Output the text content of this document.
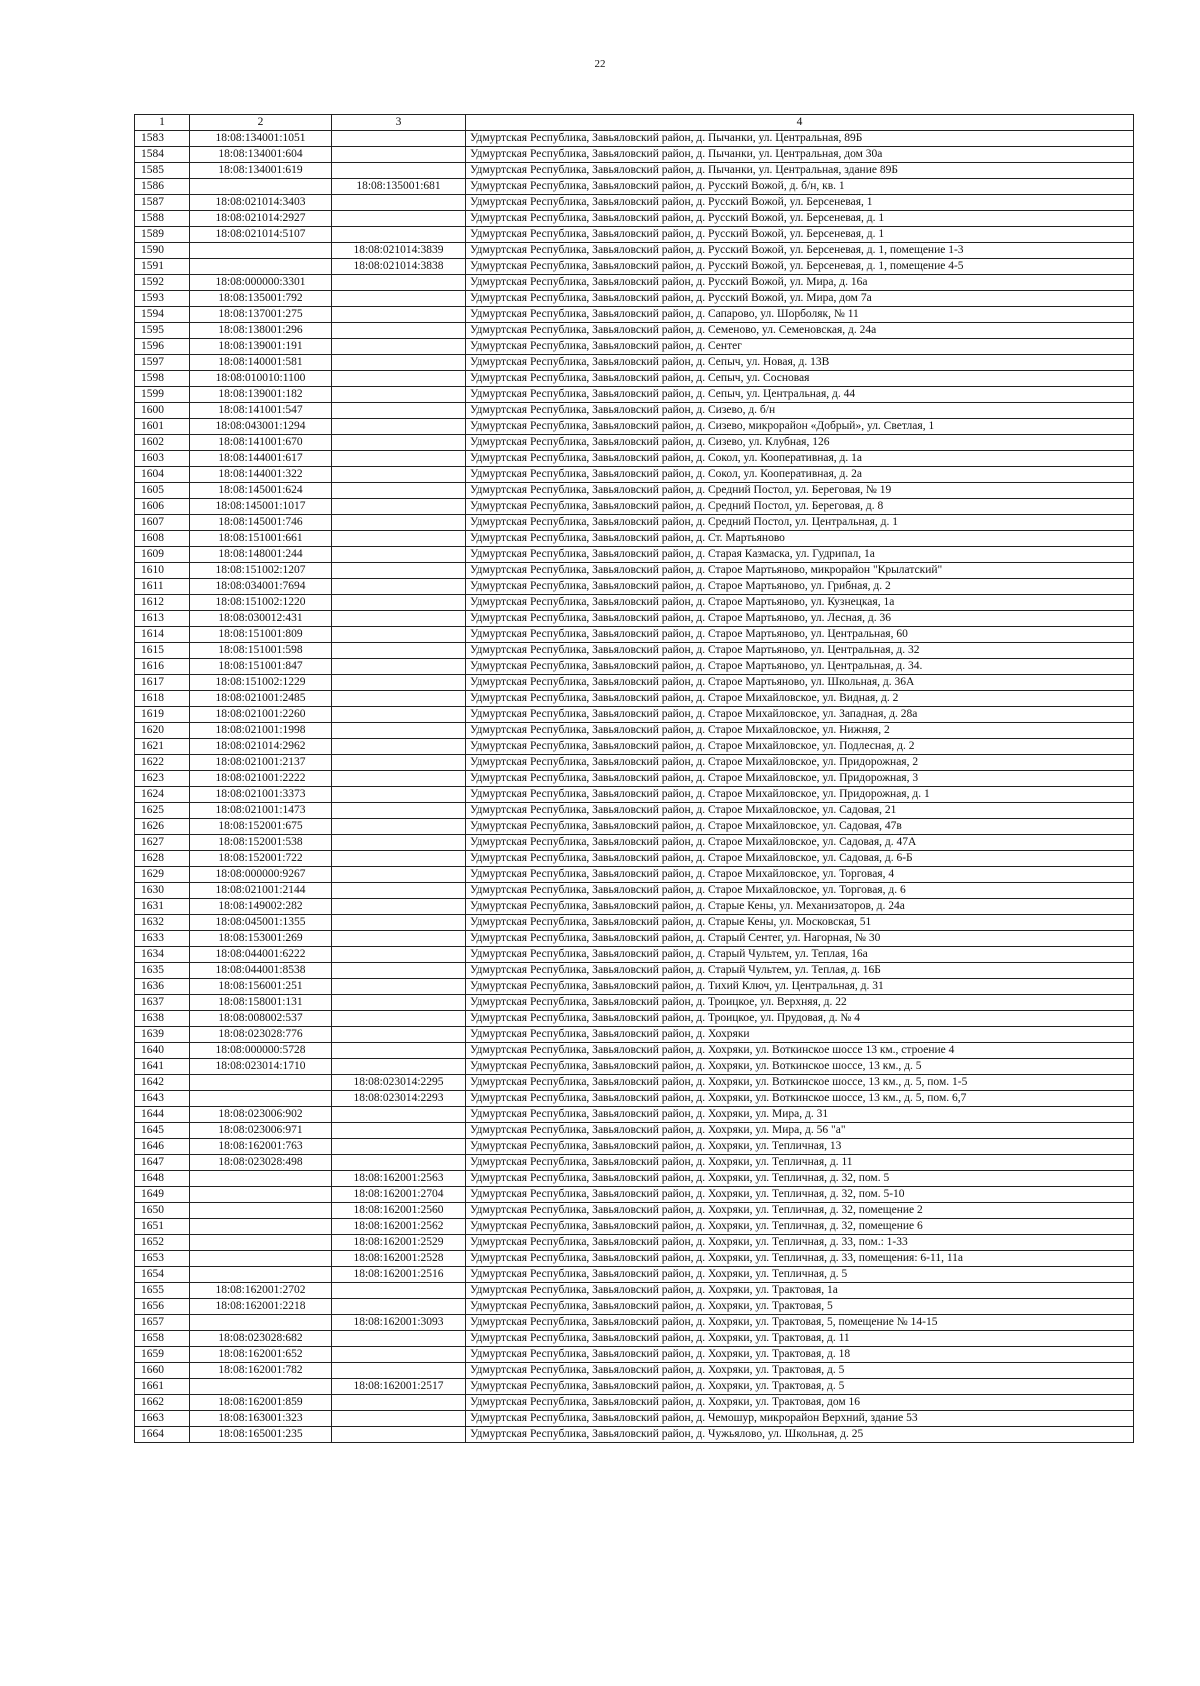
22
1	2	3	4
1583	18:08:134001:1051		Удмуртская Республика, Завьяловский район, д. Пычанки, ул. Центральная, 89Б
1584	18:08:134001:604		Удмуртская Республика, Завьяловский район, д. Пычанки, ул. Центральная, дом 30а
1585	18:08:134001:619		Удмуртская Республика, Завьяловский район, д. Пычанки, ул. Центральная, здание 89Б
1586		18:08:135001:681	Удмуртская Республика, Завьяловский район, д. Русский Вожой, д. б/н, кв. 1
1587	18:08:021014:3403		Удмуртская Республика, Завьяловский район, д. Русский Вожой, ул. Берсеневая, 1
1588	18:08:021014:2927		Удмуртская Республика, Завьяловский район, д. Русский Вожой, ул. Берсеневая, д. 1
1589	18:08:021014:5107		Удмуртская Республика, Завьяловский район, д. Русский Вожой, ул. Берсеневая, д. 1
1590		18:08:021014:3839	Удмуртская Республика, Завьяловский район, д. Русский Вожой, ул. Берсеневая, д. 1, помещение 1-3
1591		18:08:021014:3838	Удмуртская Республика, Завьяловский район, д. Русский Вожой, ул. Берсеневая, д. 1, помещение 4-5
1592	18:08:000000:3301		Удмуртская Республика, Завьяловский район, д. Русский Вожой, ул. Мира, д. 16а
1593	18:08:135001:792		Удмуртская Республика, Завьяловский район, д. Русский Вожой, ул. Мира, дом 7а
1594	18:08:137001:275		Удмуртская Республика, Завьяловский район, д. Сапарово, ул. Шорболяк, № 11
1595	18:08:138001:296		Удмуртская Республика, Завьяловский район, д. Семеново, ул. Семеновская, д. 24а
1596	18:08:139001:191		Удмуртская Республика, Завьяловский район, д. Сентег
1597	18:08:140001:581		Удмуртская Республика, Завьяловский район, д. Сепыч, ул. Новая, д. 13В
1598	18:08:010010:1100		Удмуртская Республика, Завьяловский район, д. Сепыч, ул. Сосновая
1599	18:08:139001:182		Удмуртская Республика, Завьяловский район, д. Сепыч, ул. Центральная, д. 44
1600	18:08:141001:547		Удмуртская Республика, Завьяловский район, д. Сизево, д. б/н
1601	18:08:043001:1294		Удмуртская Республика, Завьяловский район, д. Сизево, микрорайон «Добрый», ул. Светлая, 1
1602	18:08:141001:670		Удмуртская Республика, Завьяловский район, д. Сизево, ул. Клубная, 126
1603	18:08:144001:617		Удмуртская Республика, Завьяловский район, д. Сокол, ул. Кооперативная, д. 1а
1604	18:08:144001:322		Удмуртская Республика, Завьяловский район, д. Сокол, ул. Кооперативная, д. 2а
1605	18:08:145001:624		Удмуртская Республика, Завьяловский район, д. Средний Постол, ул. Береговая, № 19
1606	18:08:145001:1017		Удмуртская Республика, Завьяловский район, д. Средний Постол, ул. Береговая, д. 8
1607	18:08:145001:746		Удмуртская Республика, Завьяловский район, д. Средний Постол, ул. Центральная, д. 1
1608	18:08:151001:661		Удмуртская Республика, Завьяловский район, д. Ст. Мартьяново
1609	18:08:148001:244		Удмуртская Республика, Завьяловский район, д. Старая Казмаска, ул. Гудрипал, 1а
1610	18:08:151002:1207		Удмуртская Республика, Завьяловский район, д. Старое Мартьяново, микрорайон "Крылатский"
1611	18:08:034001:7694		Удмуртская Республика, Завьяловский район, д. Старое Мартьяново, ул. Грибная, д. 2
1612	18:08:151002:1220		Удмуртская Республика, Завьяловский район, д. Старое Мартьяново, ул. Кузнецкая, 1а
1613	18:08:030012:431		Удмуртская Республика, Завьяловский район, д. Старое Мартьяново, ул. Лесная, д. 36
1614	18:08:151001:809		Удмуртская Республика, Завьяловский район, д. Старое Мартьяново, ул. Центральная, 60
1615	18:08:151001:598		Удмуртская Республика, Завьяловский район, д. Старое Мартьяново, ул. Центральная, д. 32
1616	18:08:151001:847		Удмуртская Республика, Завьяловский район, д. Старое Мартьяново, ул. Центральная, д. 34.
1617	18:08:151002:1229		Удмуртская Республика, Завьяловский район, д. Старое Мартьяново, ул. Школьная, д. 36А
1618	18:08:021001:2485		Удмуртская Республика, Завьяловский район, д. Старое Михайловское, ул. Видная, д. 2
1619	18:08:021001:2260		Удмуртская Республика, Завьяловский район, д. Старое Михайловское, ул. Западная, д. 28а
1620	18:08:021001:1998		Удмуртская Республика, Завьяловский район, д. Старое Михайловское, ул. Нижняя, 2
1621	18:08:021014:2962		Удмуртская Республика, Завьяловский район, д. Старое Михайловское, ул. Подлесная, д. 2
1622	18:08:021001:2137		Удмуртская Республика, Завьяловский район, д. Старое Михайловское, ул. Придорожная, 2
1623	18:08:021001:2222		Удмуртская Республика, Завьяловский район, д. Старое Михайловское, ул. Придорожная, 3
1624	18:08:021001:3373		Удмуртская Республика, Завьяловский район, д. Старое Михайловское, ул. Придорожная, д. 1
1625	18:08:021001:1473		Удмуртская Республика, Завьяловский район, д. Старое Михайловское, ул. Садовая, 21
1626	18:08:152001:675		Удмуртская Республика, Завьяловский район, д. Старое Михайловское, ул. Садовая, 47в
1627	18:08:152001:538		Удмуртская Республика, Завьяловский район, д. Старое Михайловское, ул. Садовая, д. 47А
1628	18:08:152001:722		Удмуртская Республика, Завьяловский район, д. Старое Михайловское, ул. Садовая, д. 6-Б
1629	18:08:000000:9267		Удмуртская Республика, Завьяловский район, д. Старое Михайловское, ул. Торговая, 4
1630	18:08:021001:2144		Удмуртская Республика, Завьяловский район, д. Старое Михайловское, ул. Торговая, д. 6
1631	18:08:149002:282		Удмуртская Республика, Завьяловский район, д. Старые Кены, ул. Механизаторов, д. 24а
1632	18:08:045001:1355		Удмуртская Республика, Завьяловский район, д. Старые Кены, ул. Московская, 51
1633	18:08:153001:269		Удмуртская Республика, Завьяловский район, д. Старый Сентег, ул. Нагорная, № 30
1634	18:08:044001:6222		Удмуртская Республика, Завьяловский район, д. Старый Чультем, ул. Теплая, 16а
1635	18:08:044001:8538		Удмуртская Республика, Завьяловский район, д. Старый Чультем, ул. Теплая, д. 16Б
1636	18:08:156001:251		Удмуртская Республика, Завьяловский район, д. Тихий Ключ, ул. Центральная, д. 31
1637	18:08:158001:131		Удмуртская Республика, Завьяловский район, д. Троицкое, ул. Верхняя, д. 22
1638	18:08:008002:537		Удмуртская Республика, Завьяловский район, д. Троицкое, ул. Прудовая, д. № 4
1639	18:08:023028:776		Удмуртская Республика, Завьяловский район, д. Хохряки
1640	18:08:000000:5728		Удмуртская Республика, Завьяловский район, д. Хохряки, ул. Воткинское шоссе 13 км., строение 4
1641	18:08:023014:1710		Удмуртская Республика, Завьяловский район, д. Хохряки, ул. Воткинское шоссе, 13 км., д. 5
1642		18:08:023014:2295	Удмуртская Республика, Завьяловский район, д. Хохряки, ул. Воткинское шоссе, 13 км., д. 5, пом. 1-5
1643		18:08:023014:2293	Удмуртская Республика, Завьяловский район, д. Хохряки, ул. Воткинское шоссе, 13 км., д. 5, пом. 6,7
1644	18:08:023006:902		Удмуртская Республика, Завьяловский район, д. Хохряки, ул. Мира, д. 31
1645	18:08:023006:971		Удмуртская Республика, Завьяловский район, д. Хохряки, ул. Мира, д. 56 "а"
1646	18:08:162001:763		Удмуртская Республика, Завьяловский район, д. Хохряки, ул. Тепличная, 13
1647	18:08:023028:498		Удмуртская Республика, Завьяловский район, д. Хохряки, ул. Тепличная, д. 11
1648		18:08:162001:2563	Удмуртская Республика, Завьяловский район, д. Хохряки, ул. Тепличная, д. 32, пом. 5
1649		18:08:162001:2704	Удмуртская Республика, Завьяловский район, д. Хохряки, ул. Тепличная, д. 32, пом. 5-10
1650		18:08:162001:2560	Удмуртская Республика, Завьяловский район, д. Хохряки, ул. Тепличная, д. 32, помещение 2
1651		18:08:162001:2562	Удмуртская Республика, Завьяловский район, д. Хохряки, ул. Тепличная, д. 32, помещение 6
1652		18:08:162001:2529	Удмуртская Республика, Завьяловский район, д. Хохряки, ул. Тепличная, д. 33, пом.: 1-33
1653		18:08:162001:2528	Удмуртская Республика, Завьяловский район, д. Хохряки, ул. Тепличная, д. 33, помещения: 6-11, 11а
1654		18:08:162001:2516	Удмуртская Республика, Завьяловский район, д. Хохряки, ул. Тепличная, д. 5
1655	18:08:162001:2702		Удмуртская Республика, Завьяловский район, д. Хохряки, ул. Трактовая, 1а
1656	18:08:162001:2218		Удмуртская Республика, Завьяловский район, д. Хохряки, ул. Трактовая, 5
1657		18:08:162001:3093	Удмуртская Республика, Завьяловский район, д. Хохряки, ул. Трактовая, 5, помещение № 14-15
1658	18:08:023028:682		Удмуртская Республика, Завьяловский район, д. Хохряки, ул. Трактовая, д. 11
1659	18:08:162001:652		Удмуртская Республика, Завьяловский район, д. Хохряки, ул. Трактовая, д. 18
1660	18:08:162001:782		Удмуртская Республика, Завьяловский район, д. Хохряки, ул. Трактовая, д. 5
1661		18:08:162001:2517	Удмуртская Республика, Завьяловский район, д. Хохряки, ул. Трактовая, д. 5
1662	18:08:162001:859		Удмуртская Республика, Завьяловский район, д. Хохряки, ул. Трактовая, дом 16
1663	18:08:163001:323		Удмуртская Республика, Завьяловский район, д. Чемошур, микрорайон Верхний, здание 53
1664	18:08:165001:235		Удмуртская Республика, Завьяловский район, д. Чужьялово, ул. Школьная, д. 25
